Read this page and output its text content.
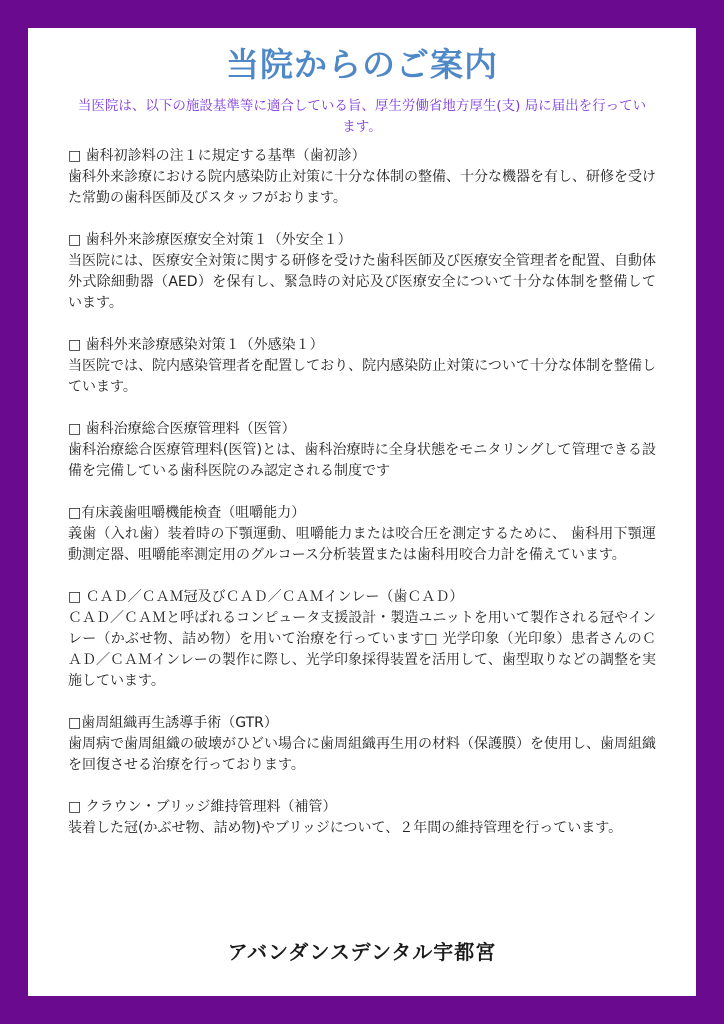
当院からのご案内

当医院は、以下の施設基準等に適合している旨、厚生労働省地方厚生(支) 局に届出を行っています。

□ 歯科初診料の注１に規定する基準（歯初診）
歯科外来診療における院内感染防止対策に十分な体制の整備、十分な機器を有し、研修を受けた常勤の歯科医師及びスタッフがおります。
□ 歯科外来診療医療安全対策１（外安全１）
当医院には、医療安全対策に関する研修を受けた歯科医師及び医療安全管理者を配置、自動体外式除細動器（AED）を保有し、緊急時の対応及び医療安全について十分な体制を整備しています。
□ 歯科外来診療感染対策１（外感染１）
当医院では、院内感染管理者を配置しており、院内感染防止対策について十分な体制を整備しています。
□ 歯科治療総合医療管理料（医管）
歯科治療総合医療管理料(医管)とは、歯科治療時に全身状態をモニタリングして管理できる設備を完備している歯科医院のみ認定される制度です
□有床義歯咀嚼機能検査（咀嚼能力）
義歯（入れ歯）装着時の下顎運動、咀嚼能力または咬合圧を測定するために、 歯科用下顎運動測定器、咀嚼能率測定用のグルコース分析装置または歯科用咬合力計を備えています。
□ ＣＡＤ／ＣＡＭ冠及びＣＡＤ／ＣＡＭインレー（歯ＣＡＤ）
ＣＡＤ／ＣＡＭと呼ばれるコンピュータ支援設計・製造ユニットを用いて製作される冠やインレー（かぶせ物、詰め物）を用いて治療を行っています□ 光学印象（光印象）患者さんのＣＡＤ／ＣＡＭインレーの製作に際し、光学印象採得装置を活用して、歯型取りなどの調整を実施しています。
□歯周組織再生誘導手術（GTR）
歯周病で歯周組織の破壊がひどい場合に歯周組織再生用の材料（保護膜）を使用し、歯周組織を回復させる治療を行っております。
□ クラウン・ブリッジ維持管理料（補管）
装着した冠(かぶせ物、詰め物)やブリッジについて、２年間の維持管理を行っています。
アバンダンスデンタル宇都宮
